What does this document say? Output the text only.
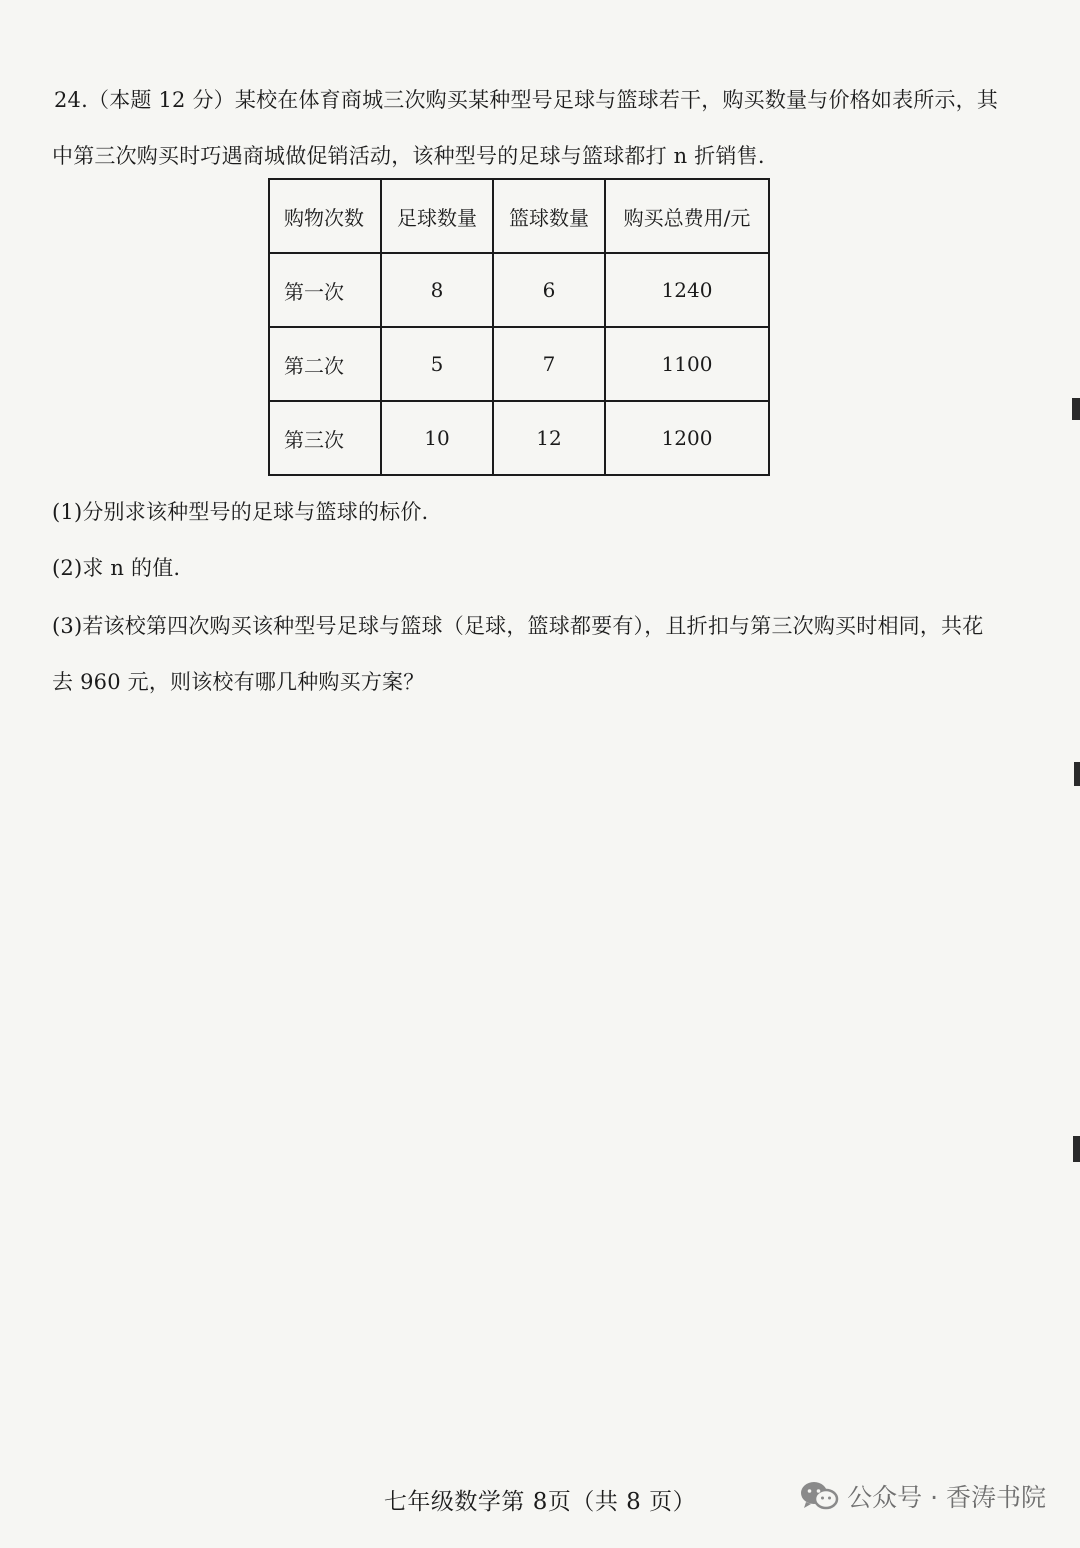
24.（本题 12 分）某校在体育商城三次购买某种型号足球与篮球若干，购买数量与价格如表所示，其
中第三次购买时巧遇商城做促销活动，该种型号的足球与篮球都打 n 折销售.
购物次数	足球数量	篮球数量	购买总费用/元
第一次	8	6	1240
第二次	5	7	1100
第三次	10	12	1200
(1)分别求该种型号的足球与篮球的标价.
(2)求 n 的值.
(3)若该校第四次购买该种型号足球与篮球（足球，篮球都要有），且折扣与第三次购买时相同，共花
去 960 元，则该校有哪几种购买方案？
七年级数学第 8页（共 8 页）	公众号 · 香涛书院
